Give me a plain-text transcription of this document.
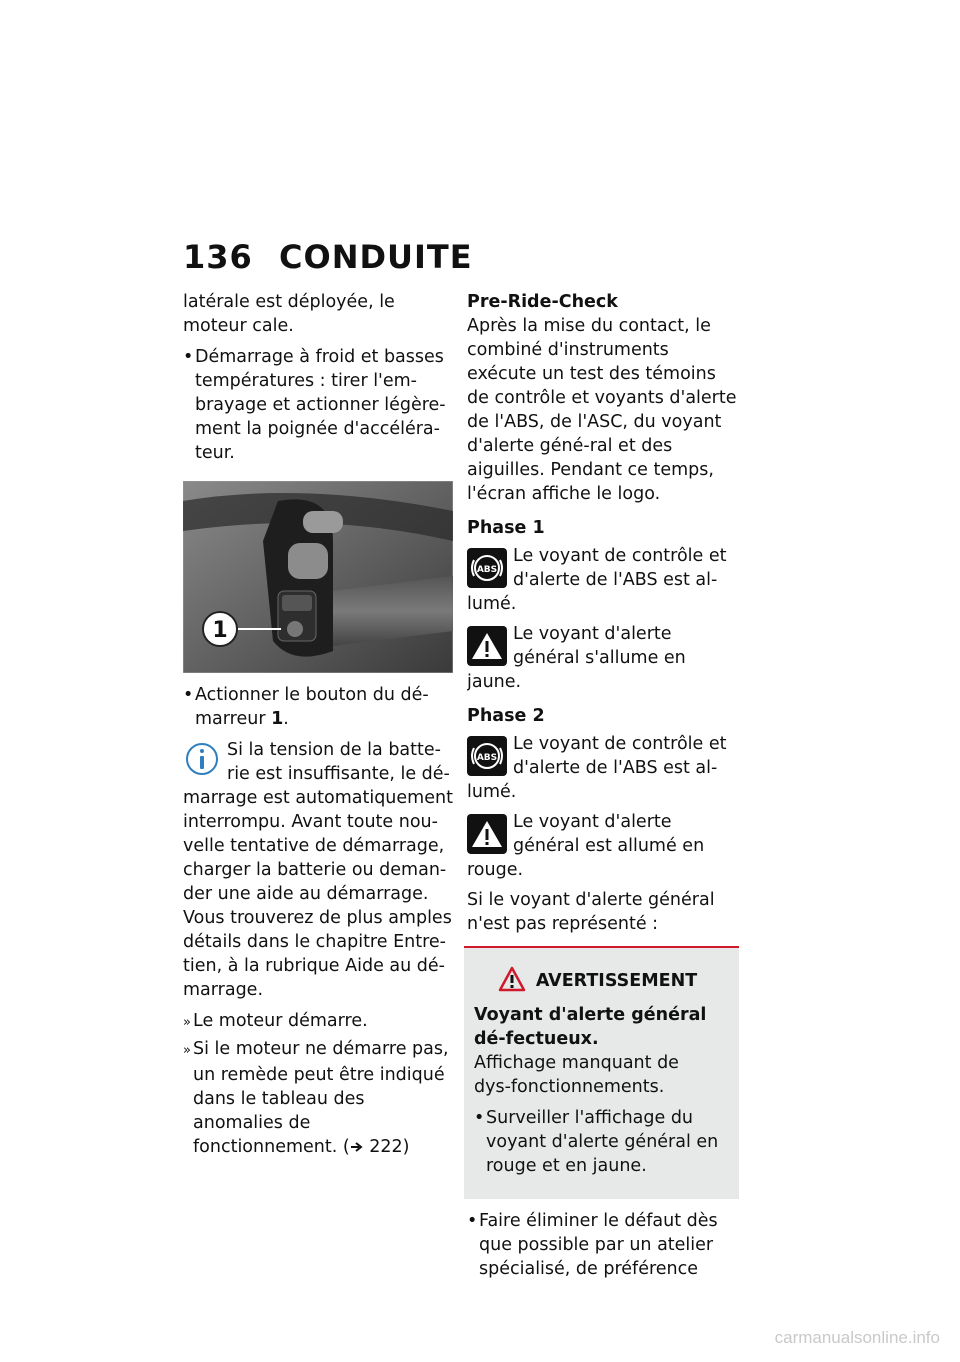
136 CONDUITE

latérale est déployée, le moteur cale.

•Démarrage à froid et basses températures : tirer l'em-brayage et actionner légère-ment la poignée d'accéléra-teur.
1
•Actionner le bouton du dé-marreur 1.
Si la tension de la batte-rie est insuffisante, le dé-marrage est automatiquement interrompu. Avant toute nou-velle tentative de démarrage, charger la batterie ou deman-der une aide au démarrage. Vous trouverez de plus amples détails dans le chapitre Entre-tien, à la rubrique Aide au dé-marrage.
» Le moteur démarre.
» Si le moteur ne démarre pas, un remède peut être indiqué dans le tableau des anomalies de fonctionnement. ( 222)
Pre-Ride-Check

Après la mise du contact, le combiné d'instruments exécute un test des témoins de contrôle et voyants d'alerte de l'ABS, de l'ASC, du voyant d'alerte géné-ral et des aiguilles. Pendant ce temps, l'écran affiche le logo.

Phase 1
ABS
Le voyant de contrôle et d'alerte de l'ABS est al-lumé.
Le voyant d'alerte général s'allume en jaune.
Phase 2
ABS
Le voyant de contrôle et d'alerte de l'ABS est al-lumé.
Le voyant d'alerte général est allumé en rouge.

Si le voyant d'alerte général n'est pas représenté :

AVERTISSEMENT
Voyant d'alerte général dé-fectueux.

Affichage manquant de dys-fonctionnements.

•Surveiller l'affichage du voyant d'alerte général en rouge et en jaune.
•Faire éliminer le défaut dès que possible par un atelier spécialisé, de préférence
carmanualsonline.info
